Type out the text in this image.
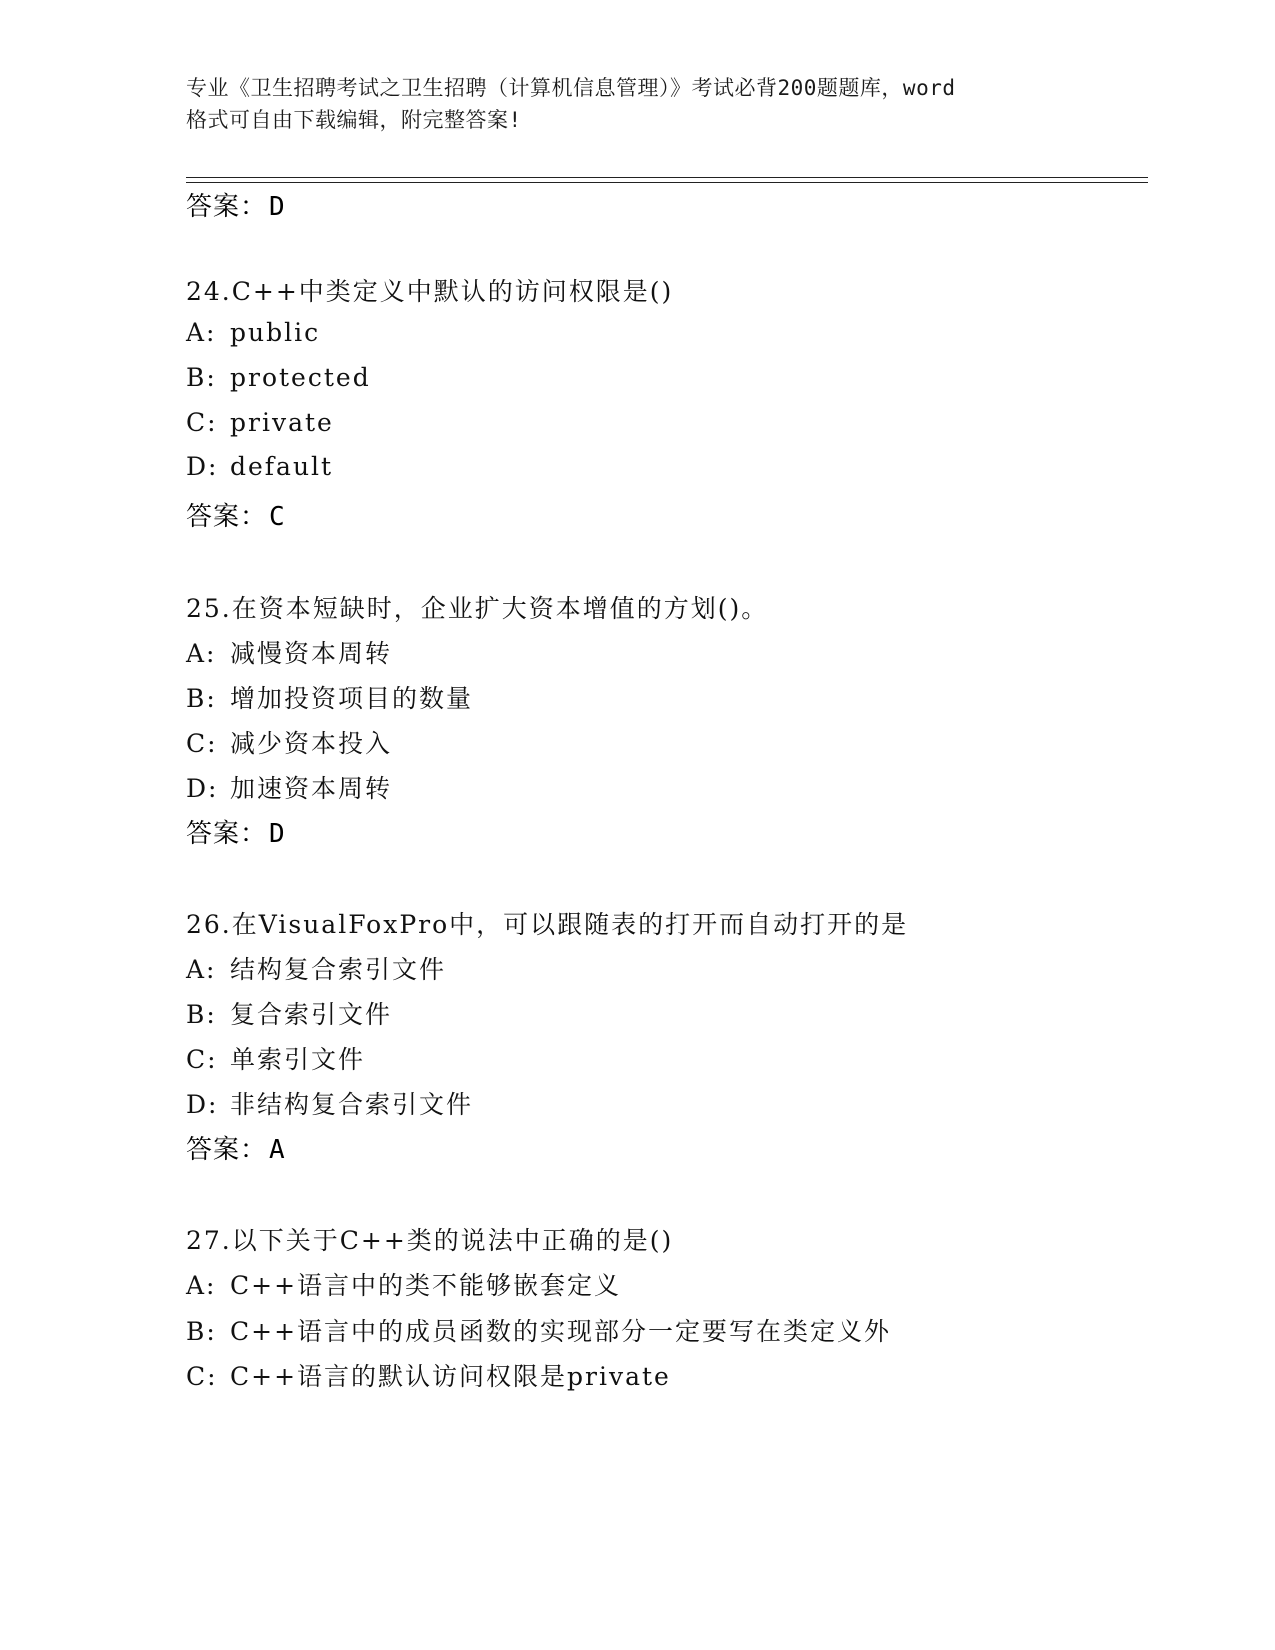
专业《卫生招聘考试之卫生招聘（计算机信息管理）》考试必背200题题库，word
格式可自由下载编辑，附完整答案!
答案：D
24.C++中类定义中默认的访问权限是()
A: public
B: protected
C: private
D: default
答案：C
25.在资本短缺时，企业扩大资本增值的方划()。
A: 减慢资本周转
B: 增加投资项目的数量
C: 减少资本投入
D: 加速资本周转
答案：D
26.在VisualFoxPro中，可以跟随表的打开而自动打开的是
A: 结构复合索引文件
B: 复合索引文件
C: 单索引文件
D: 非结构复合索引文件
答案：A
27.以下关于C++类的说法中正确的是()
A: C++语言中的类不能够嵌套定义
B: C++语言中的成员函数的实现部分一定要写在类定义外
C: C++语言的默认访问权限是private
